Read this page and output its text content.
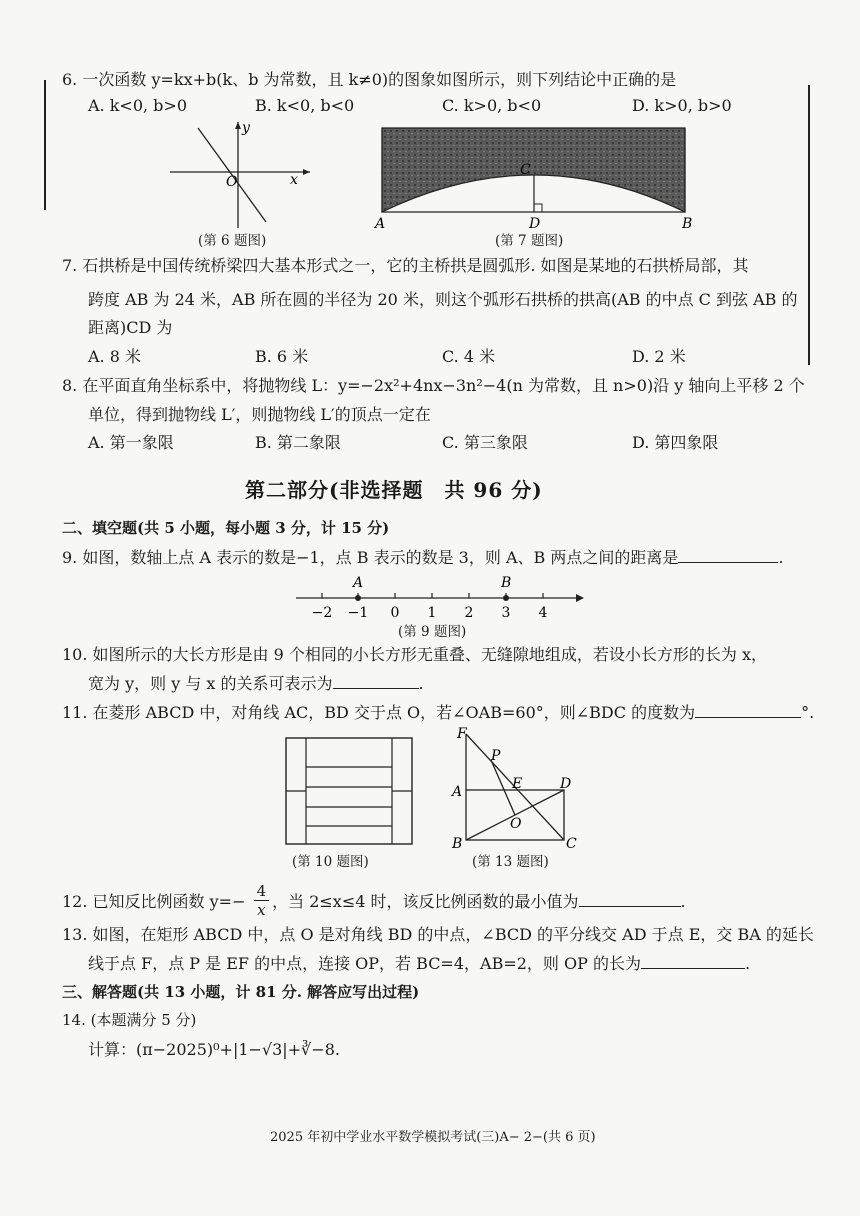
6. 一次函数 y=kx+b(k、b 为常数，且 k≠0)的图象如图所示，则下列结论中正确的是
A. k<0, b>0	B. k<0, b<0	C. k>0, b<0	D. k>0, b>0
y
O	x
(第 6 题图)
C
A	D	B
(第 7 题图)
7. 石拱桥是中国传统桥梁四大基本形式之一，它的主桥拱是圆弧形. 如图是某地的石拱桥局部，其
跨度 AB 为 24 米，AB 所在圆的半径为 20 米，则这个弧形石拱桥的拱高(AB 的中点 C 到弦 AB 的
距离)CD 为
A. 8 米	B. 6 米	C. 4 米	D. 2 米
8. 在平面直角坐标系中，将抛物线 L：y=−2x²+4nx−3n²−4(n 为常数，且 n>0)沿 y 轴向上平移 2 个
单位，得到抛物线 L′，则抛物线 L′的顶点一定在
A. 第一象限	B. 第二象限	C. 第三象限	D. 第四象限
第二部分(非选择题　共 96 分)
二、填空题(共 5 小题，每小题 3 分，计 15 分)
9. 如图，数轴上点 A 表示的数是−1，点 B 表示的数是 3，则 A、B 两点之间的距离是	.
A	B
−2 −1 0 1 2 3 4
(第 9 题图)
10. 如图所示的大长方形是由 9 个相同的小长方形无重叠、无缝隙地组成，若设小长方形的长为 x，
宽为 y，则 y 与 x 的关系可表示为	.
11. 在菱形 ABCD 中，对角线 AC，BD 交于点 O，若∠OAB=60°，则∠BDC 的度数为	°.
(第 10 题图)
F
P
E	D
A
O
B	C
(第 13 题图)
12. 已知反比例函数 $y=- \frac{4}{x}$ ，当 2≤x≤4 时，该反比例函数的最小值为	.
13. 如图，在矩形 ABCD 中，点 O 是对角线 BD 的中点，∠BCD 的平分线交 AD 于点 E，交 BA 的延长
线于点 F，点 P 是 EF 的中点，连接 OP，若 BC=4，AB=2，则 OP 的长为	.
三、解答题(共 13 小题，计 81 分. 解答应写出过程)
14. (本题满分 5 分)
计算：(π−2025)⁰+|1−√3|+∛−8.
2025 年初中学业水平数学模拟考试(三)A− 2−(共 6 页)
